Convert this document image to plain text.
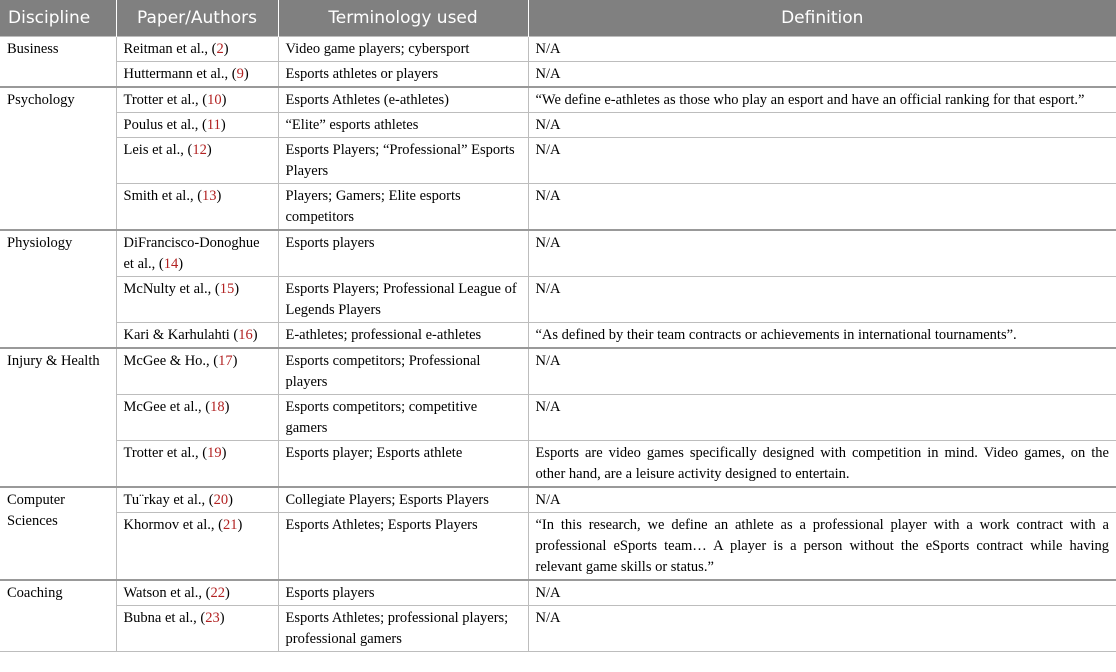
Discipline	Paper/Authors	Terminology used	Definition
Business	Reitman et al., (2)	Video game players; cybersport	N/A
	Huttermann et al., (9)	Esports athletes or players	N/A
Psychology	Trotter et al., (10)	Esports Athletes (e-athletes)	“We define e-athletes as those who play an esport and have an official ranking for that esport.”
	Poulus et al., (11)	“Elite” esports athletes	N/A
	Leis et al., (12)	Esports Players; “Professional” Esports Players	N/A
	Smith et al., (13)	Players; Gamers; Elite esports competitors	N/A
Physiology	DiFrancisco-Donoghue et al., (14)	Esports players	N/A
	McNulty et al., (15)	Esports Players; Professional League of Legends Players	N/A
	Kari & Karhulahti (16)	E-athletes; professional e-athletes	“As defined by their team contracts or achievements in international tournaments”.
Injury & Health	McGee & Ho., (17)	Esports competitors; Professional players	N/A
	McGee et al., (18)	Esports competitors; competitive gamers	N/A
	Trotter et al., (19)	Esports player; Esports athlete	Esports are video games specifically designed with competition in mind. Video games, on the other hand, are a leisure activity designed to entertain.
Computer Sciences	Tu¨rkay et al., (20)	Collegiate Players; Esports Players	N/A
	Khormov et al., (21)	Esports Athletes; Esports Players	“In this research, we define an athlete as a professional player with a work contract with a professional eSports team… A player is a person without the eSports contract while having relevant game skills or status.”
Coaching	Watson et al., (22)	Esports players	N/A
	Bubna et al., (23)	Esports Athletes; professional players; professional gamers	N/A
